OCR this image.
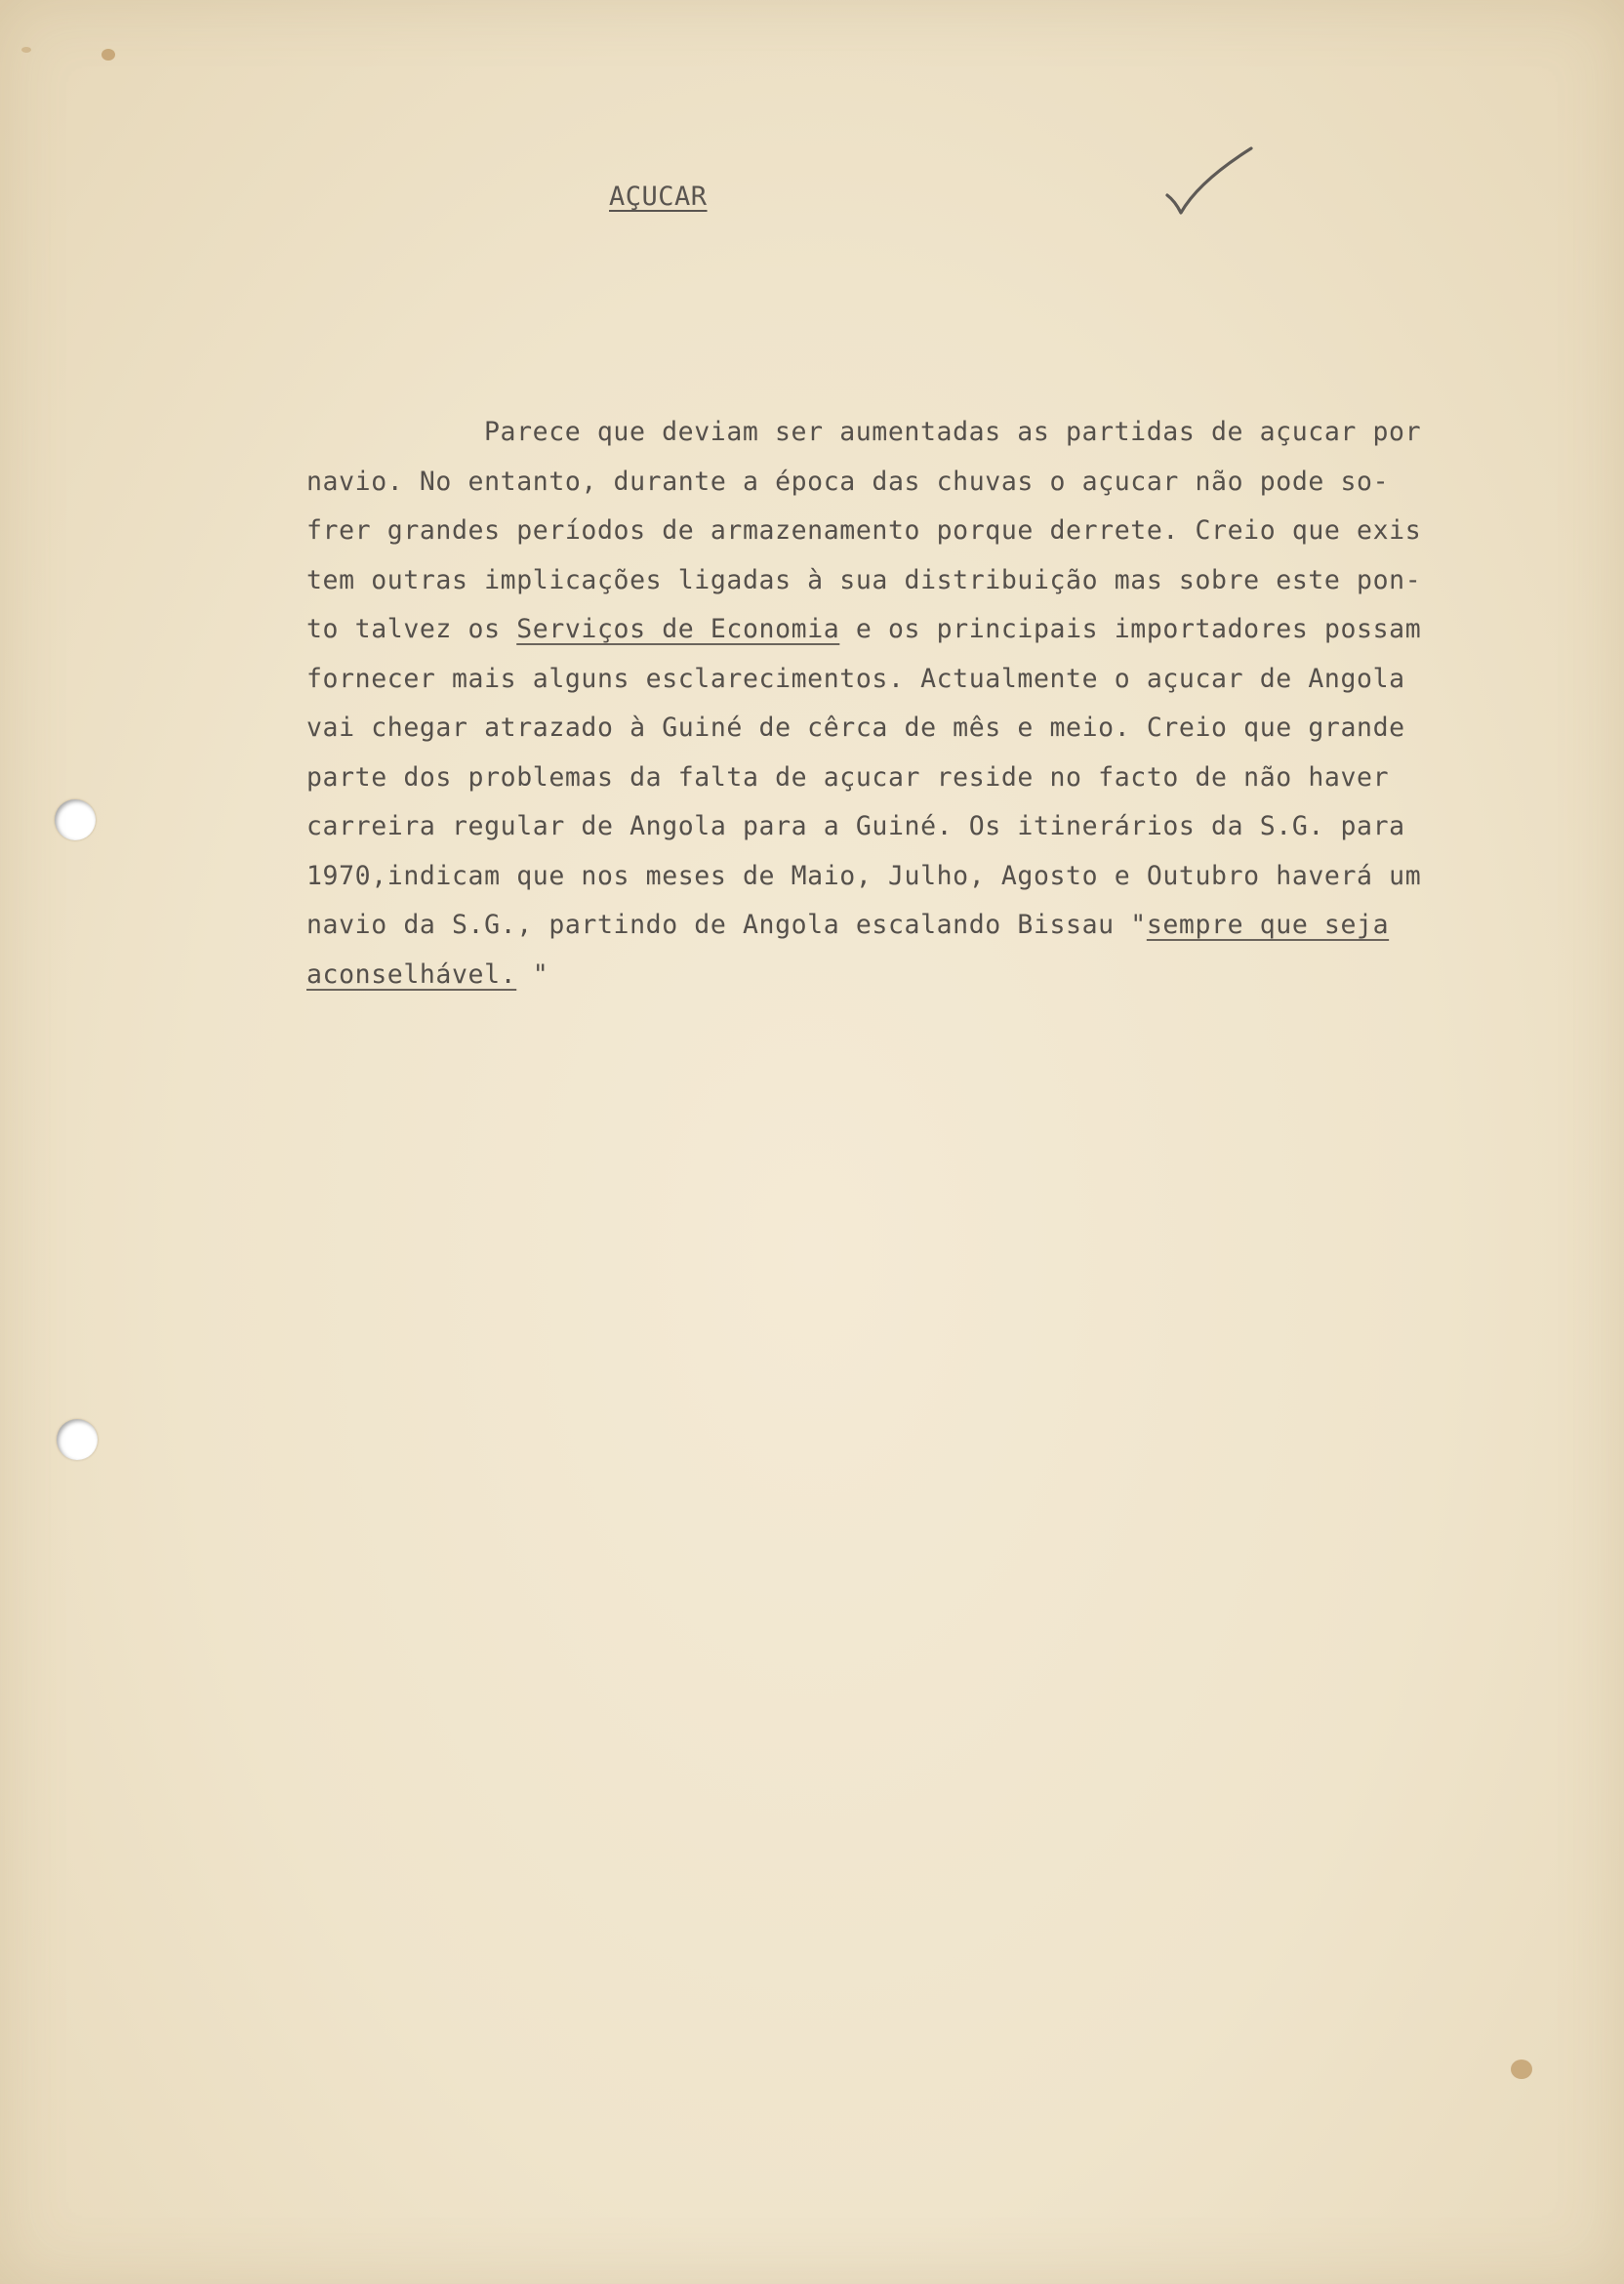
AÇUCAR
Parece que deviam ser aumentadas as partidas de açucar por
navio. No entanto, durante a época das chuvas o açucar não pode so-
frer grandes períodos de armazenamento porque derrete. Creio que exis
tem outras implicações ligadas à sua distribuição mas sobre este pon-
to talvez os Serviços de Economia e os principais importadores possam
fornecer mais alguns esclarecimentos. Actualmente o açucar de Angola
vai chegar atrazado à Guiné de cêrca de mês e meio. Creio que grande
parte dos problemas da falta de açucar reside no facto de não haver
carreira regular de Angola para a Guiné. Os itinerários da S.G. para
1970,indicam que nos meses de Maio, Julho, Agosto e Outubro haverá um
navio da S.G., partindo de Angola escalando Bissau "sempre que seja
aconselhável. "
